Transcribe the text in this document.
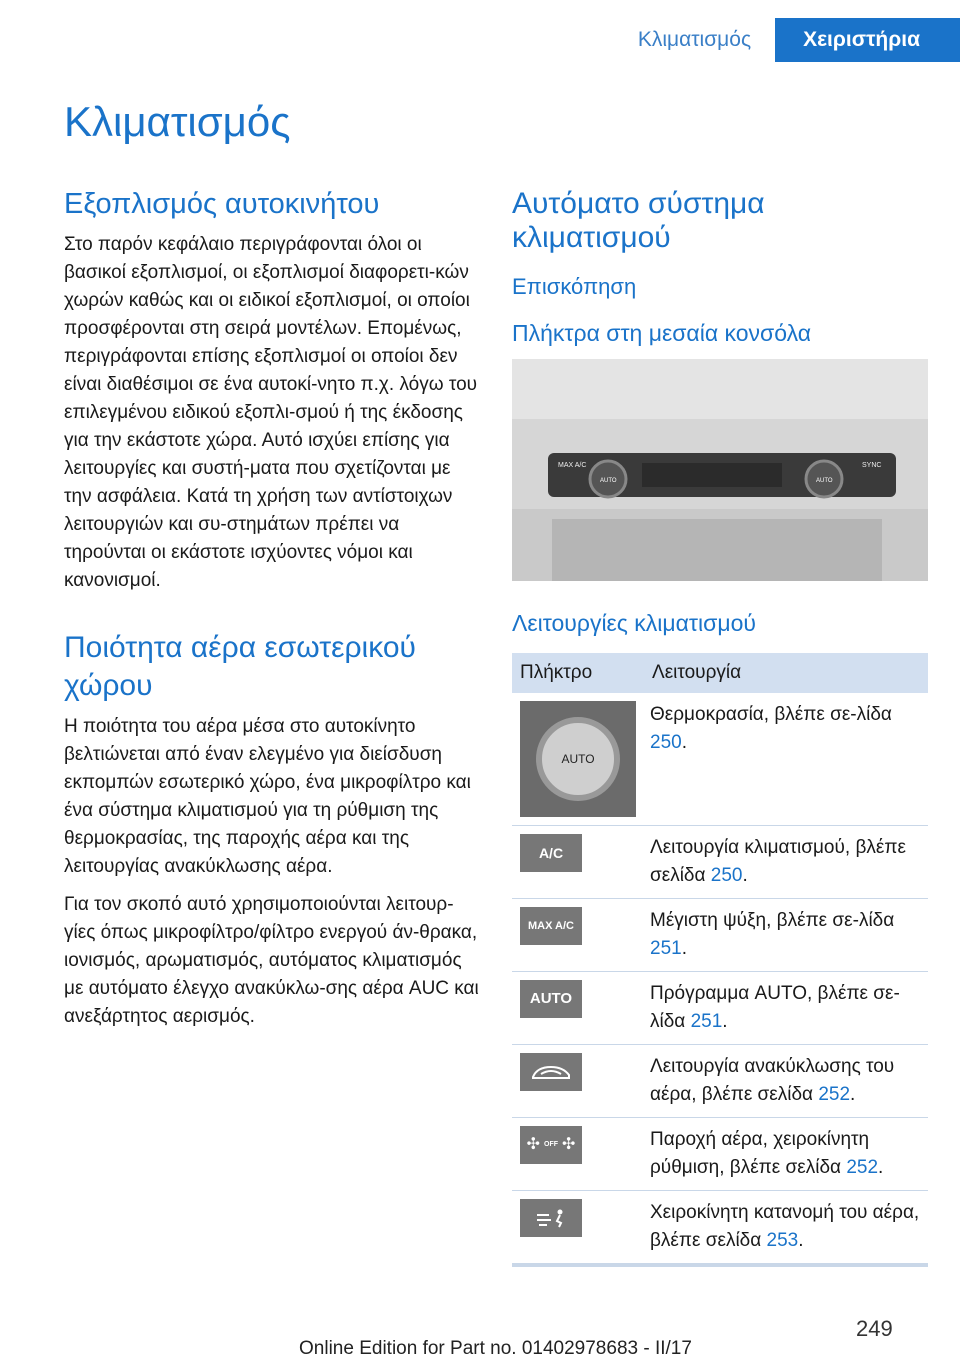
Κλιματισμός	Χειριστήρια
Κλιματισμός
Εξοπλισμός αυτοκινήτου

Στο παρόν κεφάλαιο περιγράφονται όλοι οι βασικοί εξοπλισμοί, οι εξοπλισμοί διαφορετι-κών χωρών καθώς και οι ειδικοί εξοπλισμοί, οι οποίοι προσφέρονται στη σειρά μοντέλων. Επομένως, περιγράφονται επίσης εξοπλισμοί οι οποίοι δεν είναι διαθέσιμοι σε ένα αυτοκί-νητο π.χ. λόγω του επιλεγμένου ειδικού εξοπλι-σμού ή της έκδοσης για την εκάστοτε χώρα. Αυτό ισχύει επίσης για λειτουργίες και συστή-ματα που σχετίζονται με την ασφάλεια. Κατά τη χρήση των αντίστοιχων λειτουργιών και συ-στημάτων πρέπει να τηρούνται οι εκάστοτε ισχύοντες νόμοι και κανονισμοί.

Ποιότητα αέρα εσωτερικού χώρου

Η ποιότητα του αέρα μέσα στο αυτοκίνητο βελτιώνεται από έναν ελεγμένο για διείσδυση εκπομπών εσωτερικό χώρο, ένα μικροφίλτρο και ένα σύστημα κλιματισμού για τη ρύθμιση της θερμοκρασίας, της παροχής αέρα και της λειτουργίας ανακύκλωσης αέρα.

Για τον σκοπό αυτό χρησιμοποιούνται λειτουρ-γίες όπως μικροφίλτρο/φίλτρο ενεργού άν-θρακα, ιονισμός, αρωματισμός, αυτόματος κλιματισμός με αυτόματο έλεγχο ανακύκλω-σης αέρα AUC και ανεξάρτητος αερισμός.

Αυτόματο σύστημα κλιματισμού
Επισκόπηση
Πλήκτρα στη μεσαία κονσόλα
MAX A/C
AUTO	AUTO
SYNC
Λειτουργίες κλιματισμού
Πλήκτρο	Λειτουργία

AUTO	Θερμοκρασία, βλέπε σε-λίδα 250.

A/C	Λειτουργία κλιματισμού, βλέπε σελίδα 250.

MAX A/C	Μέγιστη ψύξη, βλέπε σε-λίδα 251.

AUTO	Πρόγραμμα AUTO, βλέπε σε-λίδα 251.

	Λειτουργία ανακύκλωσης του αέρα, βλέπε σελίδα 252.

✣ OFF ✣	Παροχή αέρα, χειροκίνητη ρύθμιση, βλέπε σελίδα 252.

	Χειροκίνητη κατανομή του αέρα, βλέπε σελίδα 253.
249
Online Edition for Part no. 01402978683 - II/17
